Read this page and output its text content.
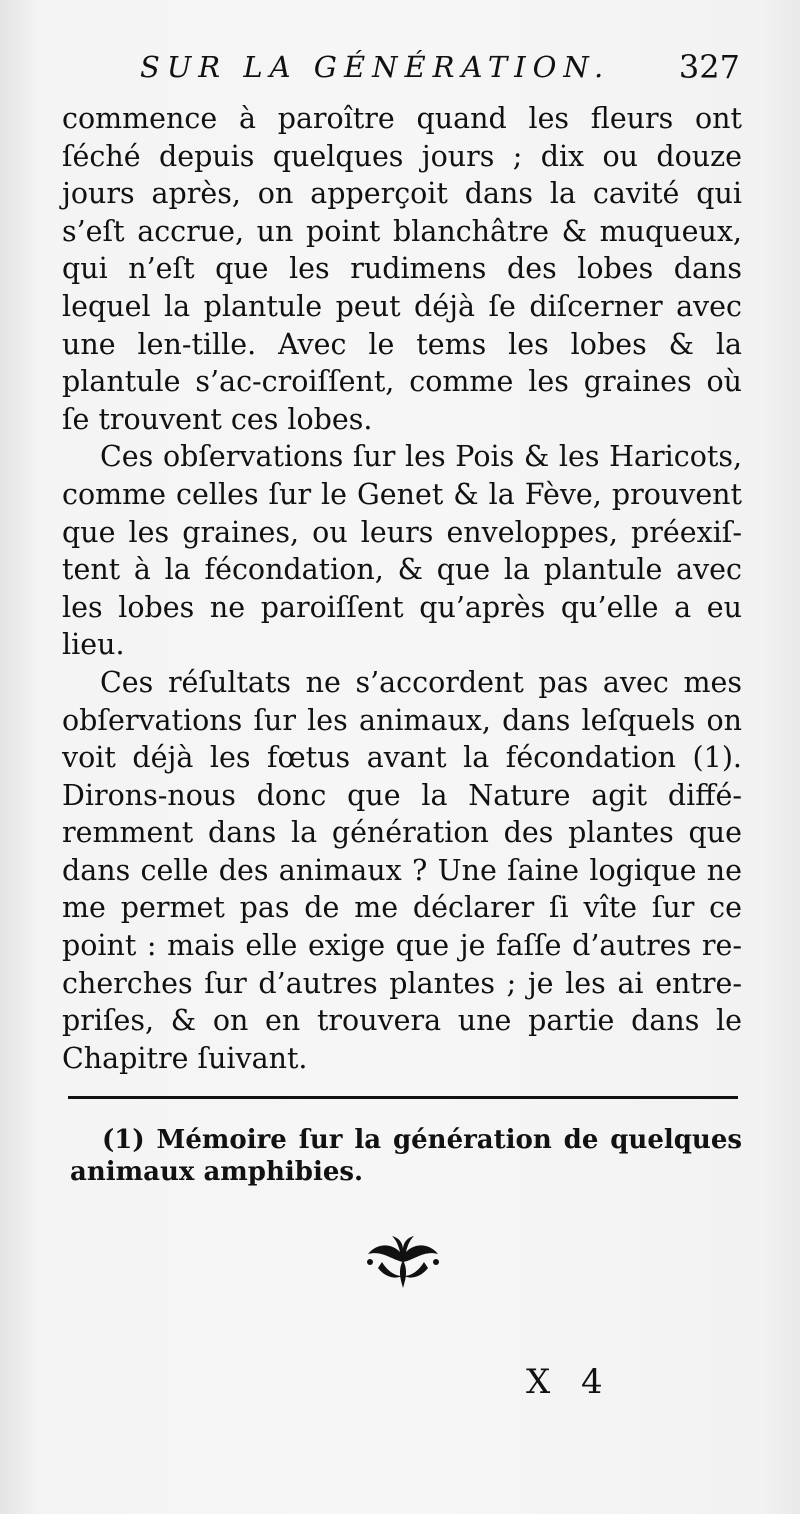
SUR LA GÉNÉRATION. 327

commence à paroître quand les fleurs ont ſéché depuis quelques jours ; dix ou douze jours après, on apperçoit dans la cavité qui s’eſt accrue, un point blanchâtre & muqueux, qui n’eſt que les rudimens des lobes dans lequel la plantule peut déjà ſe diſcerner avec une len-tille. Avec le tems les lobes & la plantule s’ac-croiſſent, comme les graines où ſe trouvent ces lobes.

Ces obſervations ſur les Pois & les Haricots, comme celles ſur le Genet & la Fève, prouvent que les graines, ou leurs enveloppes, préexiſ-tent à la fécondation, & que la plantule avec les lobes ne paroiſſent qu’après qu’elle a eu lieu.

Ces réſultats ne s’accordent pas avec mes obſervations ſur les animaux, dans leſquels on voit déjà les fœtus avant la fécondation (1). Dirons-nous donc que la Nature agit diffé-remment dans la génération des plantes que dans celle des animaux ? Une ſaine logique ne me permet pas de me déclarer ſi vîte ſur ce point : mais elle exige que je faſſe d’autres re-cherches ſur d’autres plantes ; je les ai entre-priſes, & on en trouvera une partie dans le Chapitre ſuivant.

(1) Mémoire ſur la génération de quelques animaux amphibies.
X 4
